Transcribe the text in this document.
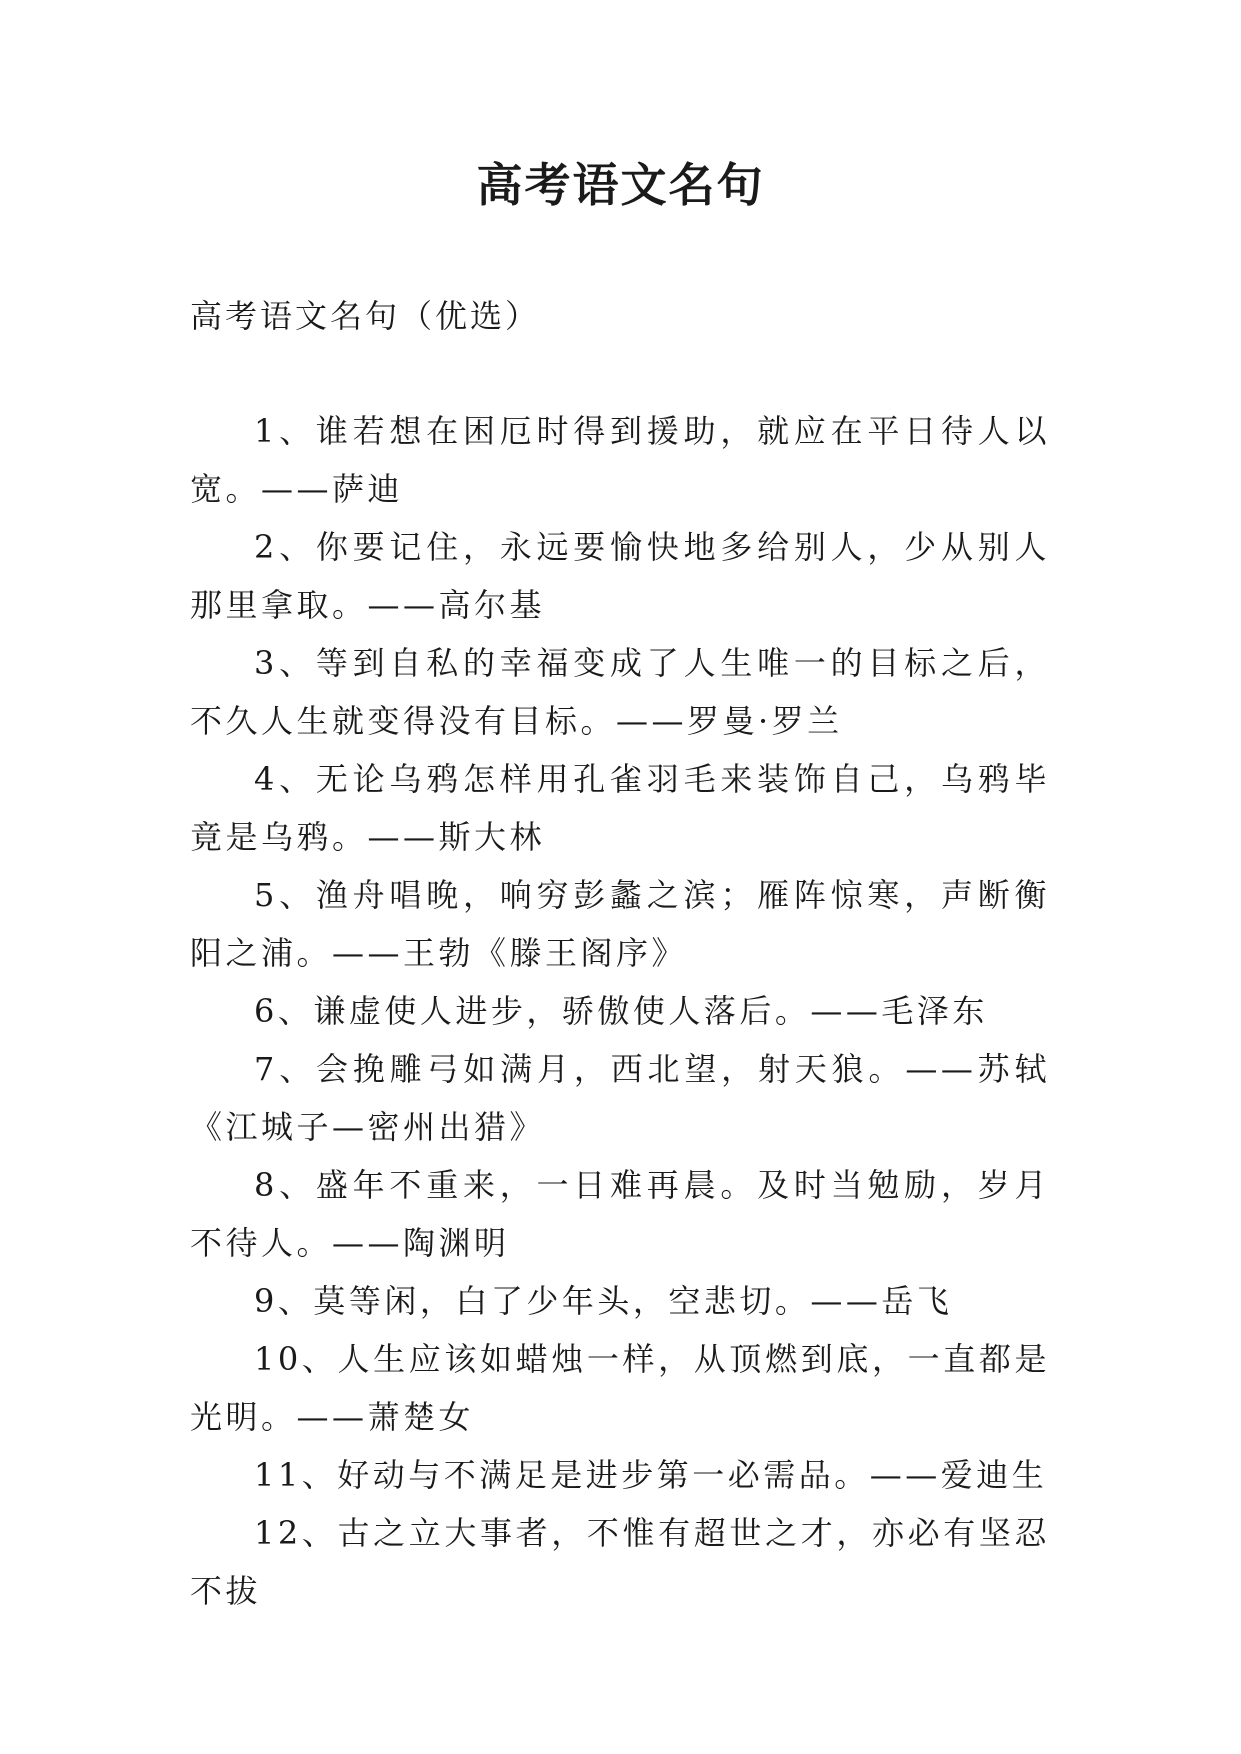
高考语文名句

高考语文名句（优选）

1、谁若想在困厄时得到援助，就应在平日待人以宽。——萨迪

2、你要记住，永远要愉快地多给别人，少从别人那里拿取。——高尔基

3、等到自私的幸福变成了人生唯一的目标之后，不久人生就变得没有目标。——罗曼·罗兰

4、无论乌鸦怎样用孔雀羽毛来装饰自己，乌鸦毕竟是乌鸦。——斯大林

5、渔舟唱晚，响穷彭蠡之滨；雁阵惊寒，声断衡阳之浦。——王勃《滕王阁序》

6、谦虚使人进步，骄傲使人落后。——毛泽东

7、会挽雕弓如满月，西北望，射天狼。——苏轼《江城子—密州出猎》

8、盛年不重来，一日难再晨。及时当勉励，岁月不待人。——陶渊明

9、莫等闲，白了少年头，空悲切。——岳飞

10、人生应该如蜡烛一样，从顶燃到底，一直都是光明。——萧楚女

11、好动与不满足是进步第一必需品。——爱迪生

12、古之立大事者，不惟有超世之才，亦必有坚忍不拔
